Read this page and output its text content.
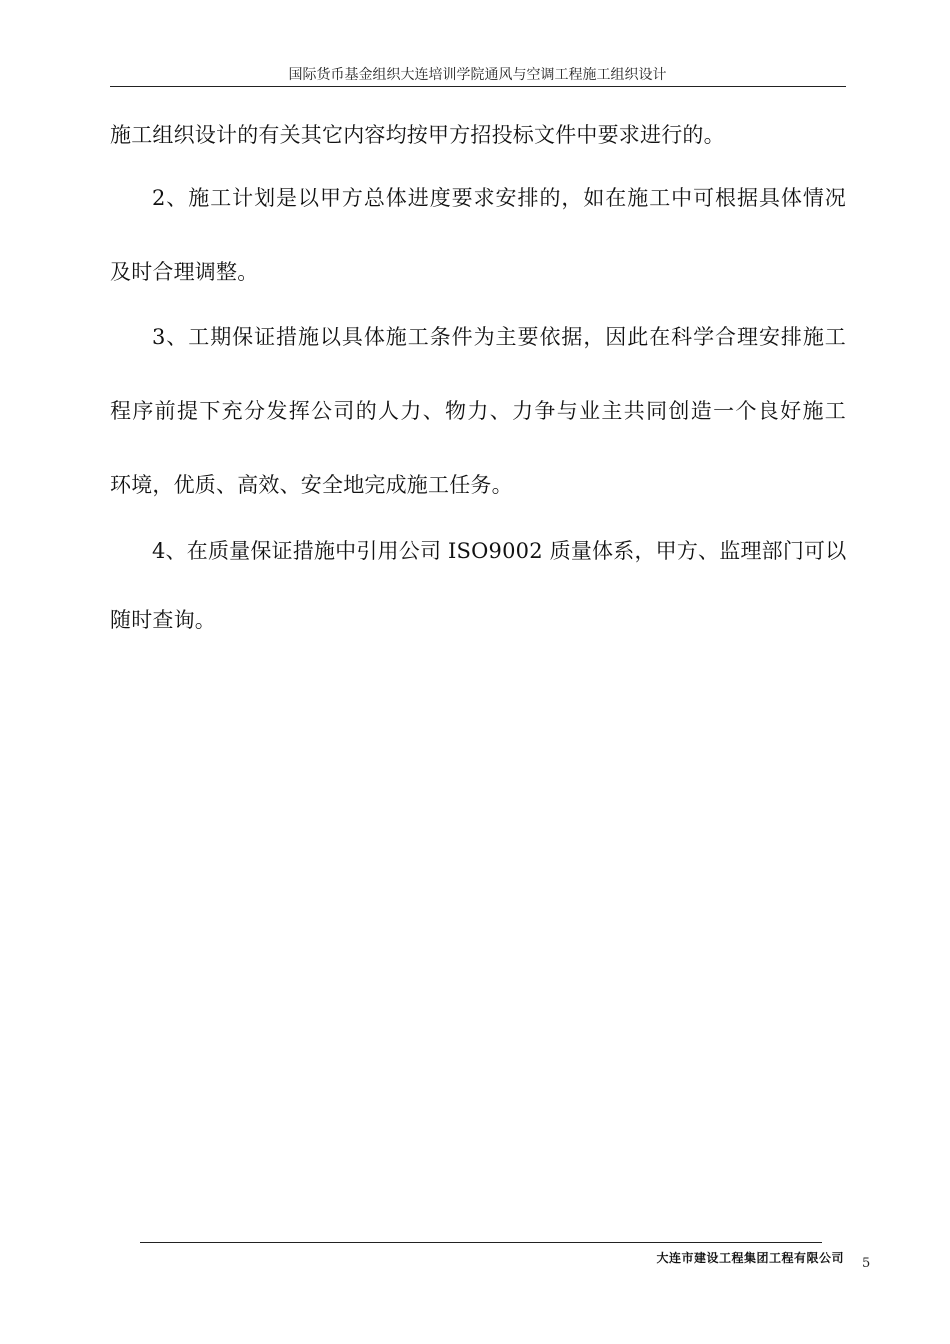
国际货币基金组织大连培训学院通风与空调工程施工组织设计
施工组织设计的有关其它内容均按甲方招投标文件中要求进行的。
2、施工计划是以甲方总体进度要求安排的，如在施工中可根据具体情况
及时合理调整。
3、工期保证措施以具体施工条件为主要依据，因此在科学合理安排施工
程序前提下充分发挥公司的人力、物力、力争与业主共同创造一个良好施工
环境，优质、高效、安全地完成施工任务。
4、在质量保证措施中引用公司 ISO9002 质量体系，甲方、监理部门可以
随时查询。
大连市建设工程集团工程有限公司 5
